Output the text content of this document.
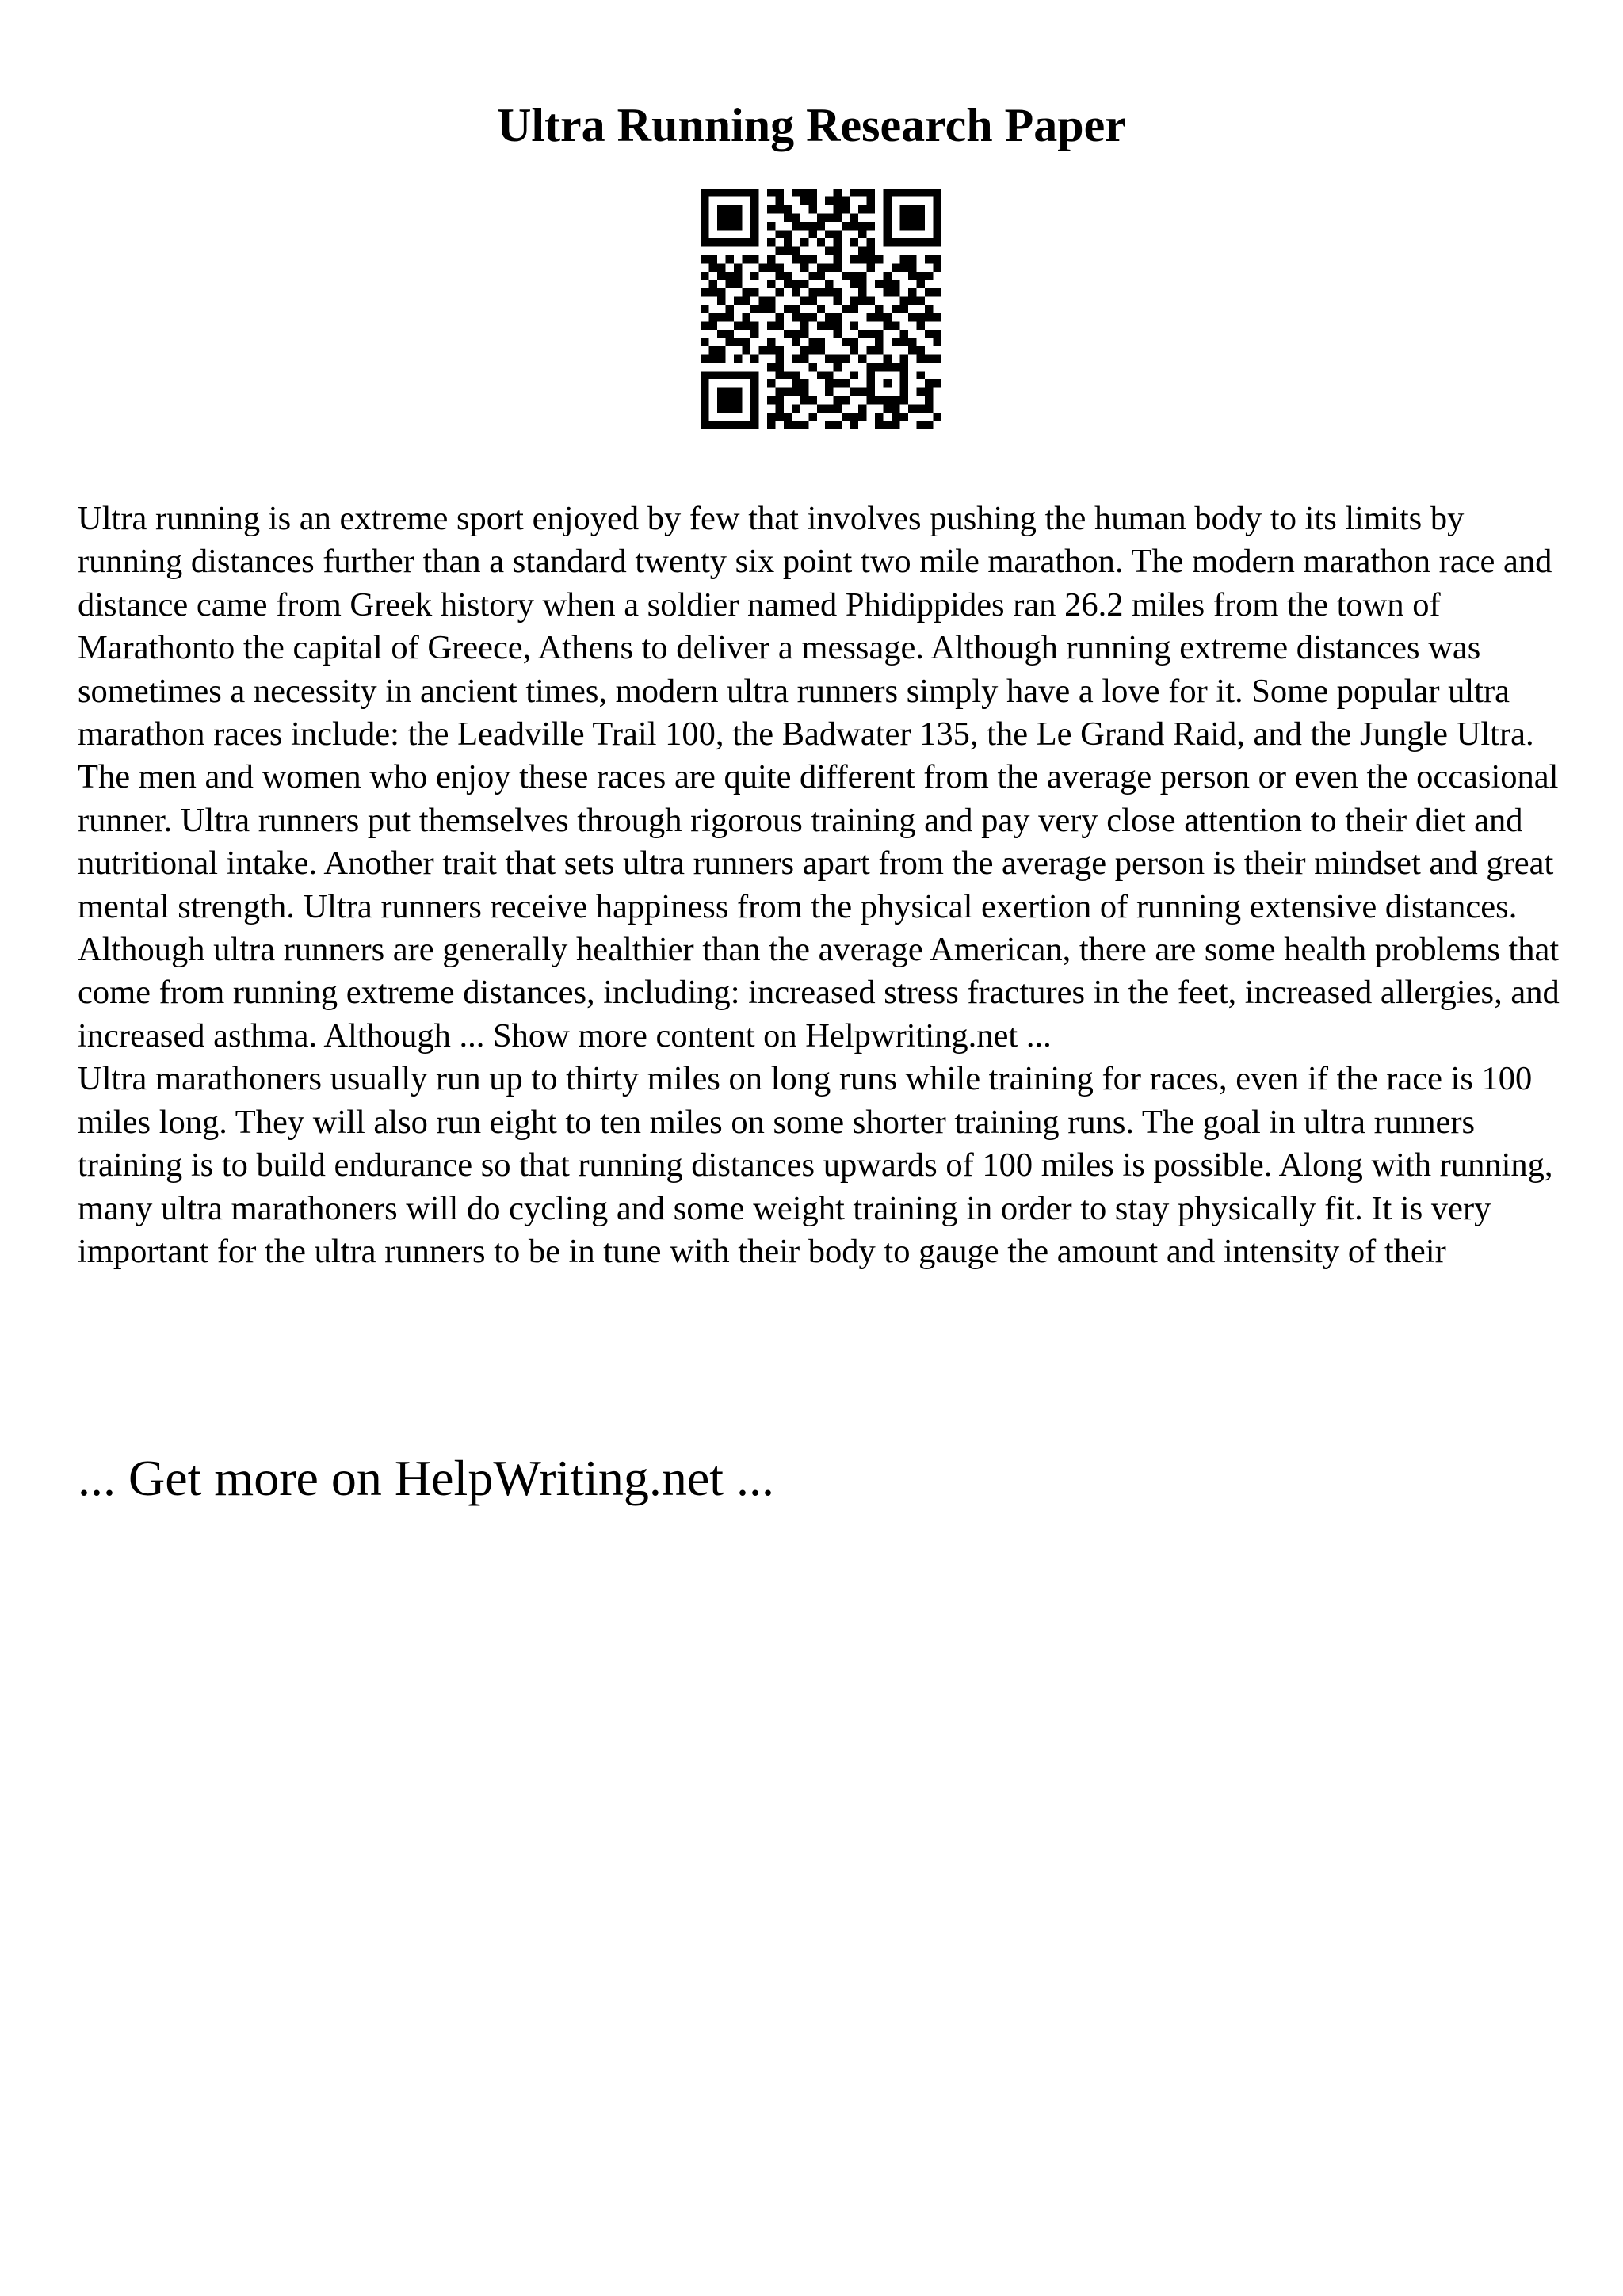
Ultra Running Research Paper

Ultra running is an extreme sport enjoyed by few that involves pushing the human body to its limits by running distances further than a standard twenty six point two mile marathon. The modern marathon race and distance came from Greek history when a soldier named Phidippides ran 26.2 miles from the town of Marathonto the capital of Greece, Athens to deliver a message. Although running extreme distances was sometimes a necessity in ancient times, modern ultra runners simply have a love for it. Some popular ultra marathon races include: the Leadville Trail 100, the Badwater 135, the Le Grand Raid, and the Jungle Ultra.

The men and women who enjoy these races are quite different from the average person or even the occasional runner. Ultra runners put themselves through rigorous training and pay very close attention to their diet and nutritional intake. Another trait that sets ultra runners apart from the average person is their mindset and great mental strength. Ultra runners receive happiness from the physical exertion of running extensive distances. Although ultra runners are generally healthier than the average American, there are some health problems that come from running extreme distances, including: increased stress fractures in the feet, increased allergies, and increased asthma. Although ... Show more content on Helpwriting.net ...

Ultra marathoners usually run up to thirty miles on long runs while training for races, even if the race is 100 miles long. They will also run eight to ten miles on some shorter training runs. The goal in ultra runners training is to build endurance so that running distances upwards of 100 miles is possible. Along with running, many ultra marathoners will do cycling and some weight training in order to stay physically fit. It is very important for the ultra runners to be in tune with their body to gauge the amount and intensity of their

... Get more on HelpWriting.net ...
